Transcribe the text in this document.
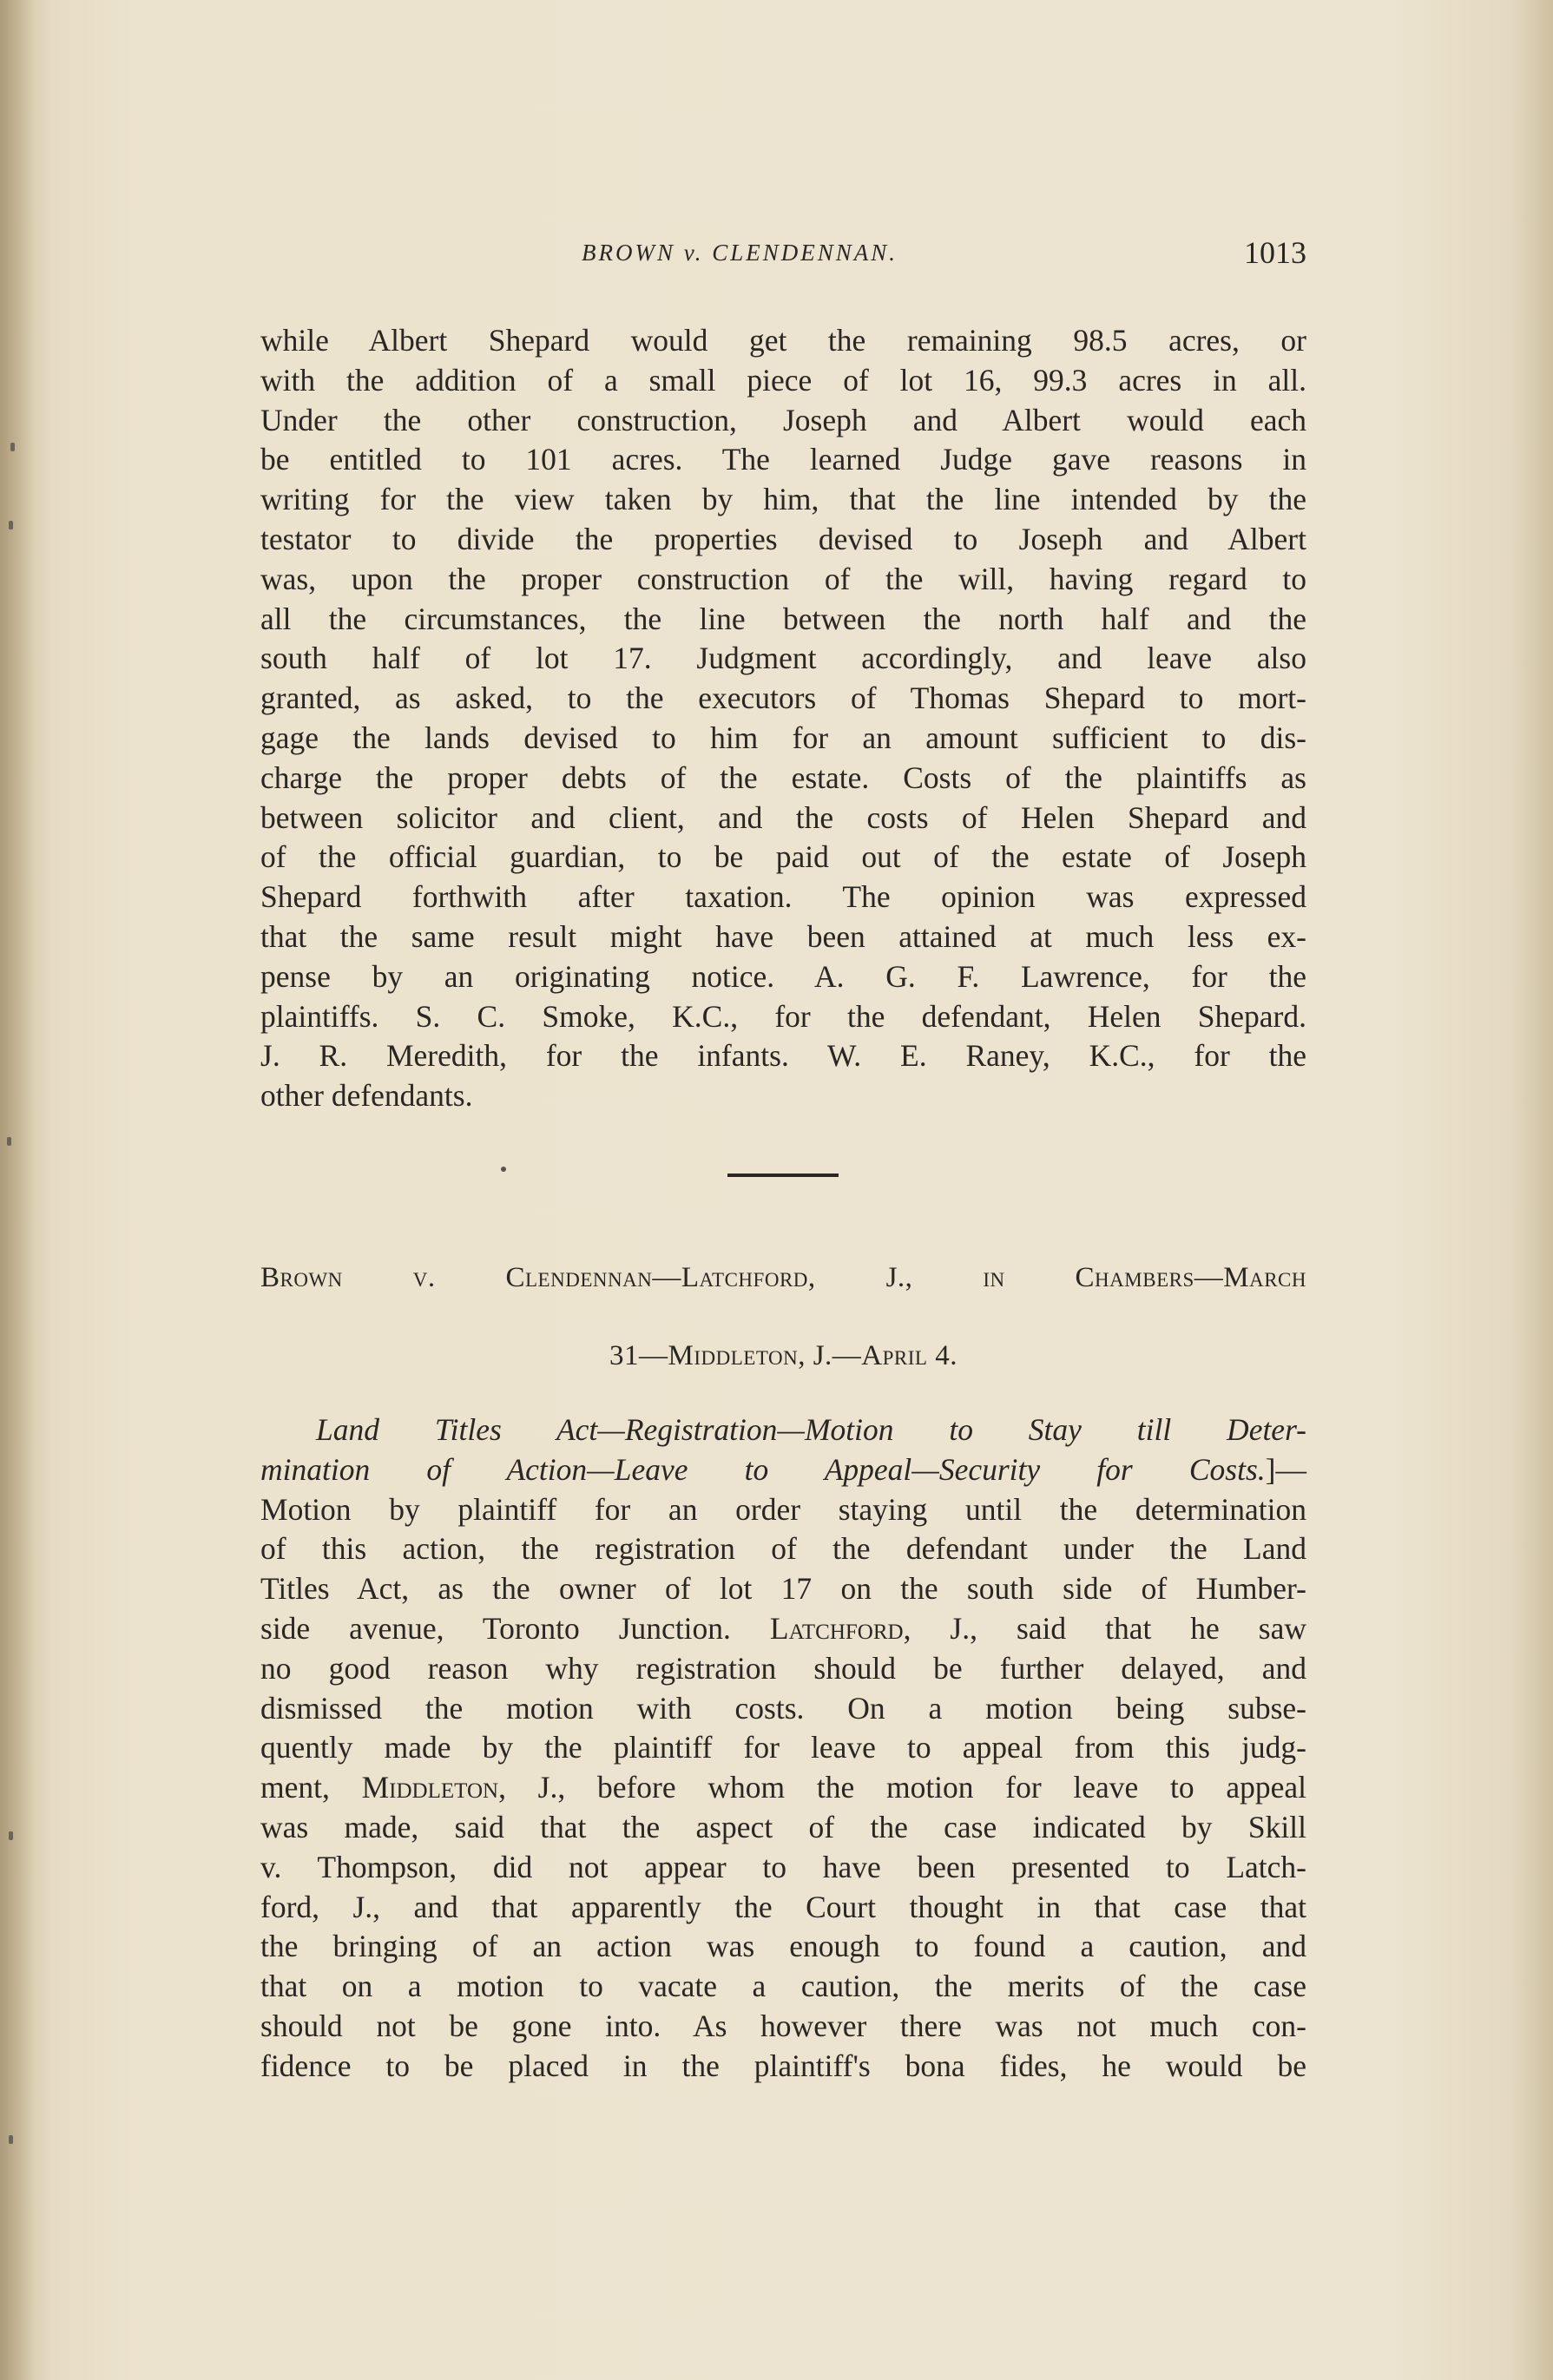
BROWN v. CLENDENNAN.	1013

while Albert Shepard would get the remaining 98.5 acres, or

with the addition of a small piece of lot 16, 99.3 acres in all.

Under the other construction, Joseph and Albert would each

be entitled to 101 acres. The learned Judge gave reasons in

writing for the view taken by him, that the line intended by the

testator to divide the properties devised to Joseph and Albert

was, upon the proper construction of the will, having regard to

all the circumstances, the line between the north half and the

south half of lot 17. Judgment accordingly, and leave also

granted, as asked, to the executors of Thomas Shepard to mort-

gage the lands devised to him for an amount sufficient to dis-

charge the proper debts of the estate. Costs of the plaintiffs as

between solicitor and client, and the costs of Helen Shepard and

of the official guardian, to be paid out of the estate of Joseph

Shepard forthwith after taxation. The opinion was expressed

that the same result might have been attained at much less ex-

pense by an originating notice. A. G. F. Lawrence, for the

plaintiffs. S. C. Smoke, K.C., for the defendant, Helen Shepard.

J. R. Meredith, for the infants. W. E. Raney, K.C., for the

other defendants.

Brown v. Clendennan—Latchford, J., in Chambers—March
31—Middleton, J.—April 4.

Land Titles Act—Registration—Motion to Stay till Deter-

mination of Action—Leave to Appeal—Security for Costs.]—

Motion by plaintiff for an order staying until the determination

of this action, the registration of the defendant under the Land

Titles Act, as the owner of lot 17 on the south side of Humber-

side avenue, Toronto Junction. Latchford, J., said that he saw

no good reason why registration should be further delayed, and

dismissed the motion with costs. On a motion being subse-

quently made by the plaintiff for leave to appeal from this judg-

ment, Middleton, J., before whom the motion for leave to appeal

was made, said that the aspect of the case indicated by Skill

v. Thompson, did not appear to have been presented to Latch-

ford, J., and that apparently the Court thought in that case that

the bringing of an action was enough to found a caution, and

that on a motion to vacate a caution, the merits of the case

should not be gone into. As however there was not much con-

fidence to be placed in the plaintiff's bona fides, he would be
